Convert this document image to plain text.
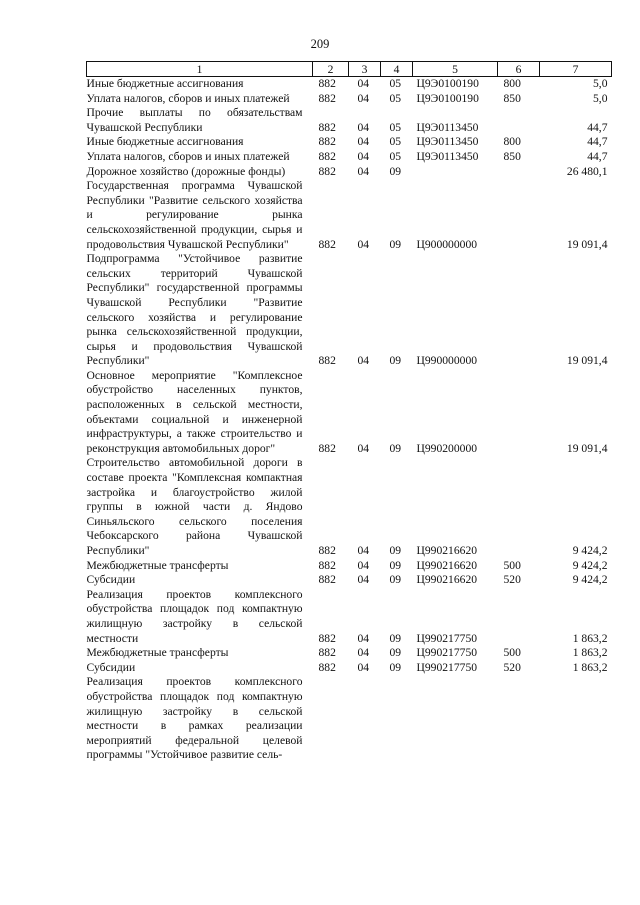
209
1	2	3	4	5	6	7
Иные бюджетные ассигнования	882	04	05	Ц9Э0100190	800	5,0
Уплата налогов, сборов и иных платежей	882	04	05	Ц9Э0100190	850	5,0
Прочие выплаты по обязательствам Чувашской Республики	882	04	05	Ц9Э0113450		44,7
Иные бюджетные ассигнования	882	04	05	Ц9Э0113450	800	44,7
Уплата налогов, сборов и иных платежей	882	04	05	Ц9Э0113450	850	44,7
Дорожное хозяйство (дорожные фонды)	882	04	09			26 480,1
Государственная программа Чувашской Республики "Развитие сельского хозяйства и регулирование рынка сельскохозяйственной продукции, сырья и продовольствия Чувашской Республики"	882	04	09	Ц900000000		19 091,4
Подпрограмма "Устойчивое развитие сельских территорий Чувашской Республики" государственной программы Чувашской Республики "Развитие сельского хозяйства и регулирование рынка сельскохозяйственной продукции, сырья и продовольствия Чувашской Республики"	882	04	09	Ц990000000		19 091,4
Основное мероприятие "Комплексное обустройство населенных пунктов, расположенных в сельской местности, объектами социальной и инженерной инфраструктуры, а также строительство и реконструкция автомобильных дорог"	882	04	09	Ц990200000		19 091,4
Строительство автомобильной дороги в составе проекта "Комплексная компактная застройка и благоустройство жилой группы в южной части д. Яндово Синьяльского сельского поселения Чебоксарского района Чувашской Республики"	882	04	09	Ц990216620		9 424,2
Межбюджетные трансферты	882	04	09	Ц990216620	500	9 424,2
Субсидии	882	04	09	Ц990216620	520	9 424,2
Реализация проектов комплексного обустройства площадок под компактную жилищную застройку в сельской местности	882	04	09	Ц990217750		1 863,2
Межбюджетные трансферты	882	04	09	Ц990217750	500	1 863,2
Субсидии	882	04	09	Ц990217750	520	1 863,2
Реализация проектов комплексного обустройства площадок под компактную жилищную застройку в сельской местности в рамках реализации мероприятий федеральной целевой программы "Устойчивое развитие сель-						
